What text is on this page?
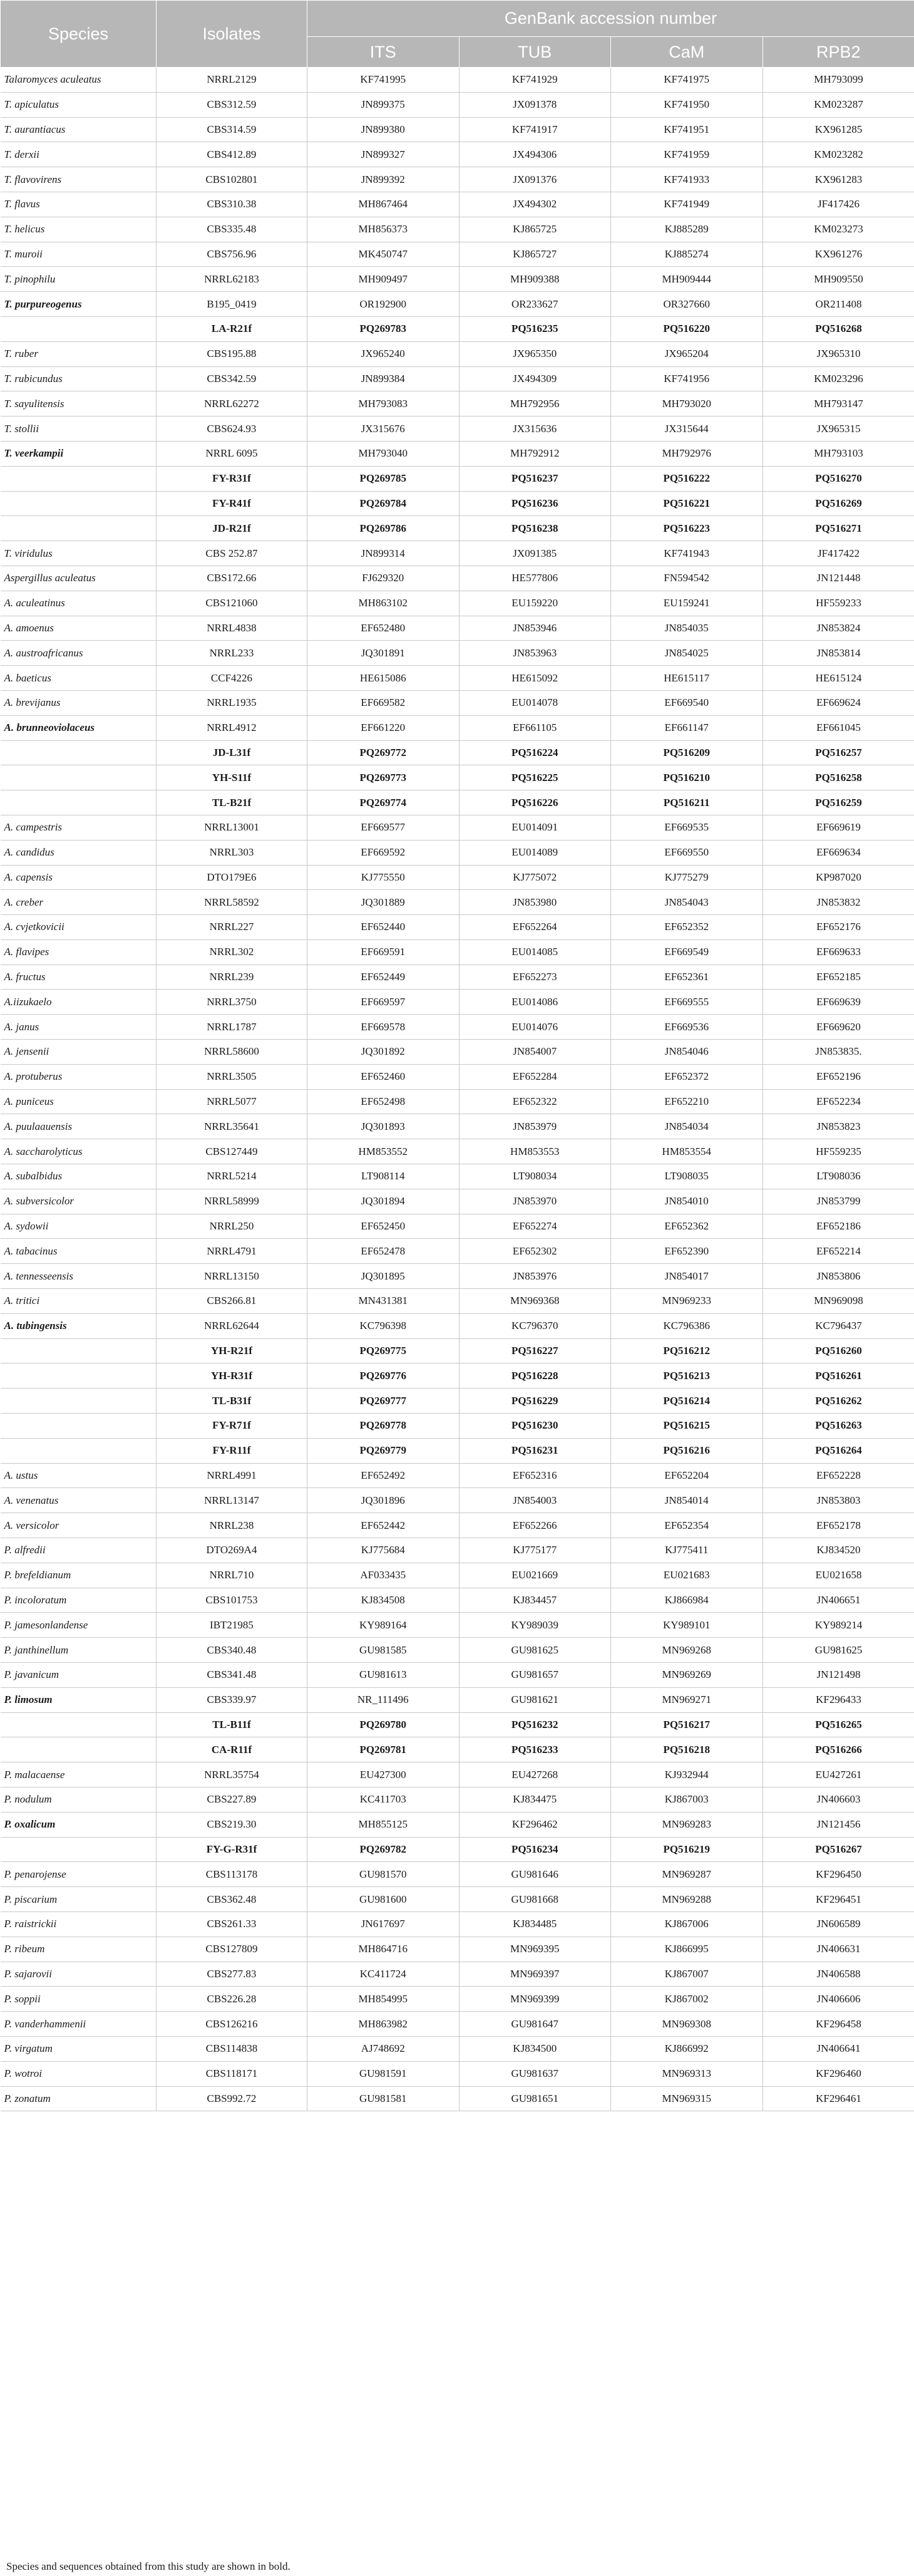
Species	Isolates	GenBank accession number			
		ITS	TUB	CaM	RPB2
Talaromyces aculeatus	NRRL2129	KF741995	KF741929	KF741975	MH793099
T. apiculatus	CBS312.59	JN899375	JX091378	KF741950	KM023287
T. aurantiacus	CBS314.59	JN899380	KF741917	KF741951	KX961285
T. derxii	CBS412.89	JN899327	JX494306	KF741959	KM023282
T. flavovirens	CBS102801	JN899392	JX091376	KF741933	KX961283
T. flavus	CBS310.38	MH867464	JX494302	KF741949	JF417426
T. helicus	CBS335.48	MH856373	KJ865725	KJ885289	KM023273
T. muroii	CBS756.96	MK450747	KJ865727	KJ885274	KX961276
T. pinophilu	NRRL62183	MH909497	MH909388	MH909444	MH909550
T. purpureogenus	B195_0419	OR192900	OR233627	OR327660	OR211408
	LA-R21f	PQ269783	PQ516235	PQ516220	PQ516268
T. ruber	CBS195.88	JX965240	JX965350	JX965204	JX965310
T. rubicundus	CBS342.59	JN899384	JX494309	KF741956	KM023296
T. sayulitensis	NRRL62272	MH793083	MH792956	MH793020	MH793147
T. stollii	CBS624.93	JX315676	JX315636	JX315644	JX965315
T. veerkampii	NRRL 6095	MH793040	MH792912	MH792976	MH793103
	FY-R31f	PQ269785	PQ516237	PQ516222	PQ516270
	FY-R41f	PQ269784	PQ516236	PQ516221	PQ516269
	JD-R21f	PQ269786	PQ516238	PQ516223	PQ516271
T. viridulus	CBS 252.87	JN899314	JX091385	KF741943	JF417422
Aspergillus aculeatus	CBS172.66	FJ629320	HE577806	FN594542	JN121448
A. aculeatinus	CBS121060	MH863102	EU159220	EU159241	HF559233
A. amoenus	NRRL4838	EF652480	JN853946	JN854035	JN853824
A. austroafricanus	NRRL233	JQ301891	JN853963	JN854025	JN853814
A. baeticus	CCF4226	HE615086	HE615092	HE615117	HE615124
A. brevijanus	NRRL1935	EF669582	EU014078	EF669540	EF669624
A. brunneoviolaceus	NRRL4912	EF661220	EF661105	EF661147	EF661045
	JD-L31f	PQ269772	PQ516224	PQ516209	PQ516257
	YH-S11f	PQ269773	PQ516225	PQ516210	PQ516258
	TL-B21f	PQ269774	PQ516226	PQ516211	PQ516259
A. campestris	NRRL13001	EF669577	EU014091	EF669535	EF669619
A. candidus	NRRL303	EF669592	EU014089	EF669550	EF669634
A. capensis	DTO179E6	KJ775550	KJ775072	KJ775279	KP987020
A. creber	NRRL58592	JQ301889	JN853980	JN854043	JN853832
A. cvjetkovicii	NRRL227	EF652440	EF652264	EF652352	EF652176
A. flavipes	NRRL302	EF669591	EU014085	EF669549	EF669633
A. fructus	NRRL239	EF652449	EF652273	EF652361	EF652185
A.iizukaelo	NRRL3750	EF669597	EU014086	EF669555	EF669639
A. janus	NRRL1787	EF669578	EU014076	EF669536	EF669620
A. jensenii	NRRL58600	JQ301892	JN854007	JN854046	JN853835.
A. protuberus	NRRL3505	EF652460	EF652284	EF652372	EF652196
A. puniceus	NRRL5077	EF652498	EF652322	EF652210	EF652234
A. puulaauensis	NRRL35641	JQ301893	JN853979	JN854034	JN853823
A. saccharolyticus	CBS127449	HM853552	HM853553	HM853554	HF559235
A. subalbidus	NRRL5214	LT908114	LT908034	LT908035	LT908036
A. subversicolor	NRRL58999	JQ301894	JN853970	JN854010	JN853799
A. sydowii	NRRL250	EF652450	EF652274	EF652362	EF652186
A. tabacinus	NRRL4791	EF652478	EF652302	EF652390	EF652214
A. tennesseensis	NRRL13150	JQ301895	JN853976	JN854017	JN853806
A. tritici	CBS266.81	MN431381	MN969368	MN969233	MN969098
A. tubingensis	NRRL62644	KC796398	KC796370	KC796386	KC796437
	YH-R21f	PQ269775	PQ516227	PQ516212	PQ516260
	YH-R31f	PQ269776	PQ516228	PQ516213	PQ516261
	TL-B31f	PQ269777	PQ516229	PQ516214	PQ516262
	FY-R71f	PQ269778	PQ516230	PQ516215	PQ516263
	FY-R11f	PQ269779	PQ516231	PQ516216	PQ516264
A. ustus	NRRL4991	EF652492	EF652316	EF652204	EF652228
A. venenatus	NRRL13147	JQ301896	JN854003	JN854014	JN853803
A. versicolor	NRRL238	EF652442	EF652266	EF652354	EF652178
P. alfredii	DTO269A4	KJ775684	KJ775177	KJ775411	KJ834520
P. brefeldianum	NRRL710	AF033435	EU021669	EU021683	EU021658
P. incoloratum	CBS101753	KJ834508	KJ834457	KJ866984	JN406651
P. jamesonlandense	IBT21985	KY989164	KY989039	KY989101	KY989214
P. janthinellum	CBS340.48	GU981585	GU981625	MN969268	GU981625
P. javanicum	CBS341.48	GU981613	GU981657	MN969269	JN121498
P. limosum	CBS339.97	NR_111496	GU981621	MN969271	KF296433
	TL-B11f	PQ269780	PQ516232	PQ516217	PQ516265
	CA-R11f	PQ269781	PQ516233	PQ516218	PQ516266
P. malacaense	NRRL35754	EU427300	EU427268	KJ932944	EU427261
P. nodulum	CBS227.89	KC411703	KJ834475	KJ867003	JN406603
P. oxalicum	CBS219.30	MH855125	KF296462	MN969283	JN121456
	FY-G-R31f	PQ269782	PQ516234	PQ516219	PQ516267
P. penarojense	CBS113178	GU981570	GU981646	MN969287	KF296450
P. piscarium	CBS362.48	GU981600	GU981668	MN969288	KF296451
P. raistrickii	CBS261.33	JN617697	KJ834485	KJ867006	JN606589
P. ribeum	CBS127809	MH864716	MN969395	KJ866995	JN406631
P. sajarovii	CBS277.83	KC411724	MN969397	KJ867007	JN406588
P. soppii	CBS226.28	MH854995	MN969399	KJ867002	JN406606
P. vanderhammenii	CBS126216	MH863982	GU981647	MN969308	KF296458
P. virgatum	CBS114838	AJ748692	KJ834500	KJ866992	JN406641
P. wotroi	CBS118171	GU981591	GU981637	MN969313	KF296460
P. zonatum	CBS992.72	GU981581	GU981651	MN969315	KF296461
Species and sequences obtained from this study are shown in bold.
